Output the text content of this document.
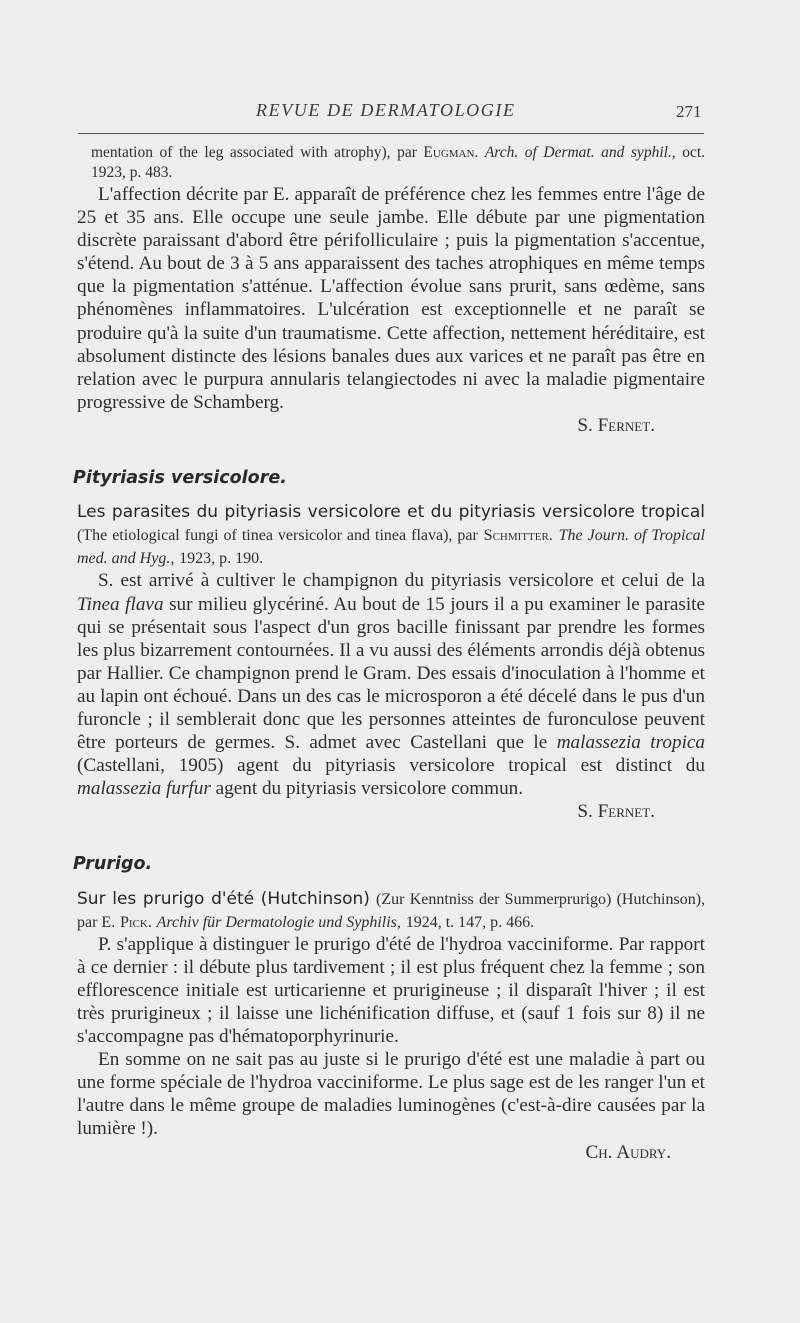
REVUE DE DERMATOLOGIE	271

mentation of the leg associated with atrophy), par Eugman. Arch. of Dermat. and syphil., oct. 1923, p. 483.

L'affection décrite par E. apparaît de préférence chez les femmes entre l'âge de 25 et 35 ans. Elle occupe une seule jambe. Elle débute par une pigmentation discrète paraissant d'abord être périfolliculaire ; puis la pigmentation s'accentue, s'étend. Au bout de 3 à 5 ans apparaissent des taches atrophiques en même temps que la pigmentation s'atténue. L'affection évolue sans prurit, sans œdème, sans phénomènes inflammatoires. L'ulcération est exceptionnelle et ne paraît se produire qu'à la suite d'un traumatisme. Cette affection, nettement héréditaire, est absolument distincte des lésions banales dues aux varices et ne paraît pas être en relation avec le purpura annularis telangiectodes ni avec la maladie pigmentaire progressive de Schamberg.

S. Fernet.

Pityriasis versicolore.

Les parasites du pityriasis versicolore et du pityriasis versicolore tropical (The etiological fungi of tinea versicolor and tinea flava), par Schmitter. The Journ. of Tropical med. and Hyg., 1923, p. 190.

S. est arrivé à cultiver le champignon du pityriasis versicolore et celui de la Tinea flava sur milieu glycériné. Au bout de 15 jours il a pu examiner le parasite qui se présentait sous l'aspect d'un gros bacille finissant par prendre les formes les plus bizarrement contournées. Il a vu aussi des éléments arrondis déjà obtenus par Hallier. Ce champignon prend le Gram. Des essais d'inoculation à l'homme et au lapin ont échoué. Dans un des cas le microsporon a été décelé dans le pus d'un furoncle ; il semblerait donc que les personnes atteintes de furonculose peuvent être porteurs de germes. S. admet avec Castellani que le malassezia tropica (Castellani, 1905) agent du pityriasis versicolore tropical est distinct du malassezia furfur agent du pityriasis versicolore commun.

S. Fernet.

Prurigo.

Sur les prurigo d'été (Hutchinson) (Zur Kenntniss der Summerprurigo) (Hutchinson), par E. Pick. Archiv für Dermatologie und Syphilis, 1924, t. 147, p. 466.

P. s'applique à distinguer le prurigo d'été de l'hydroa vacciniforme. Par rapport à ce dernier : il débute plus tardivement ; il est plus fréquent chez la femme ; son efflorescence initiale est urticarienne et prurigineuse ; il disparaît l'hiver ; il est très prurigineux ; il laisse une lichénification diffuse, et (sauf 1 fois sur 8) il ne s'accompagne pas d'hématoporphyrinurie.

En somme on ne sait pas au juste si le prurigo d'été est une maladie à part ou une forme spéciale de l'hydroa vacciniforme. Le plus sage est de les ranger l'un et l'autre dans le même groupe de maladies luminogènes (c'est-à-dire causées par la lumière !).

Ch. Audry.
